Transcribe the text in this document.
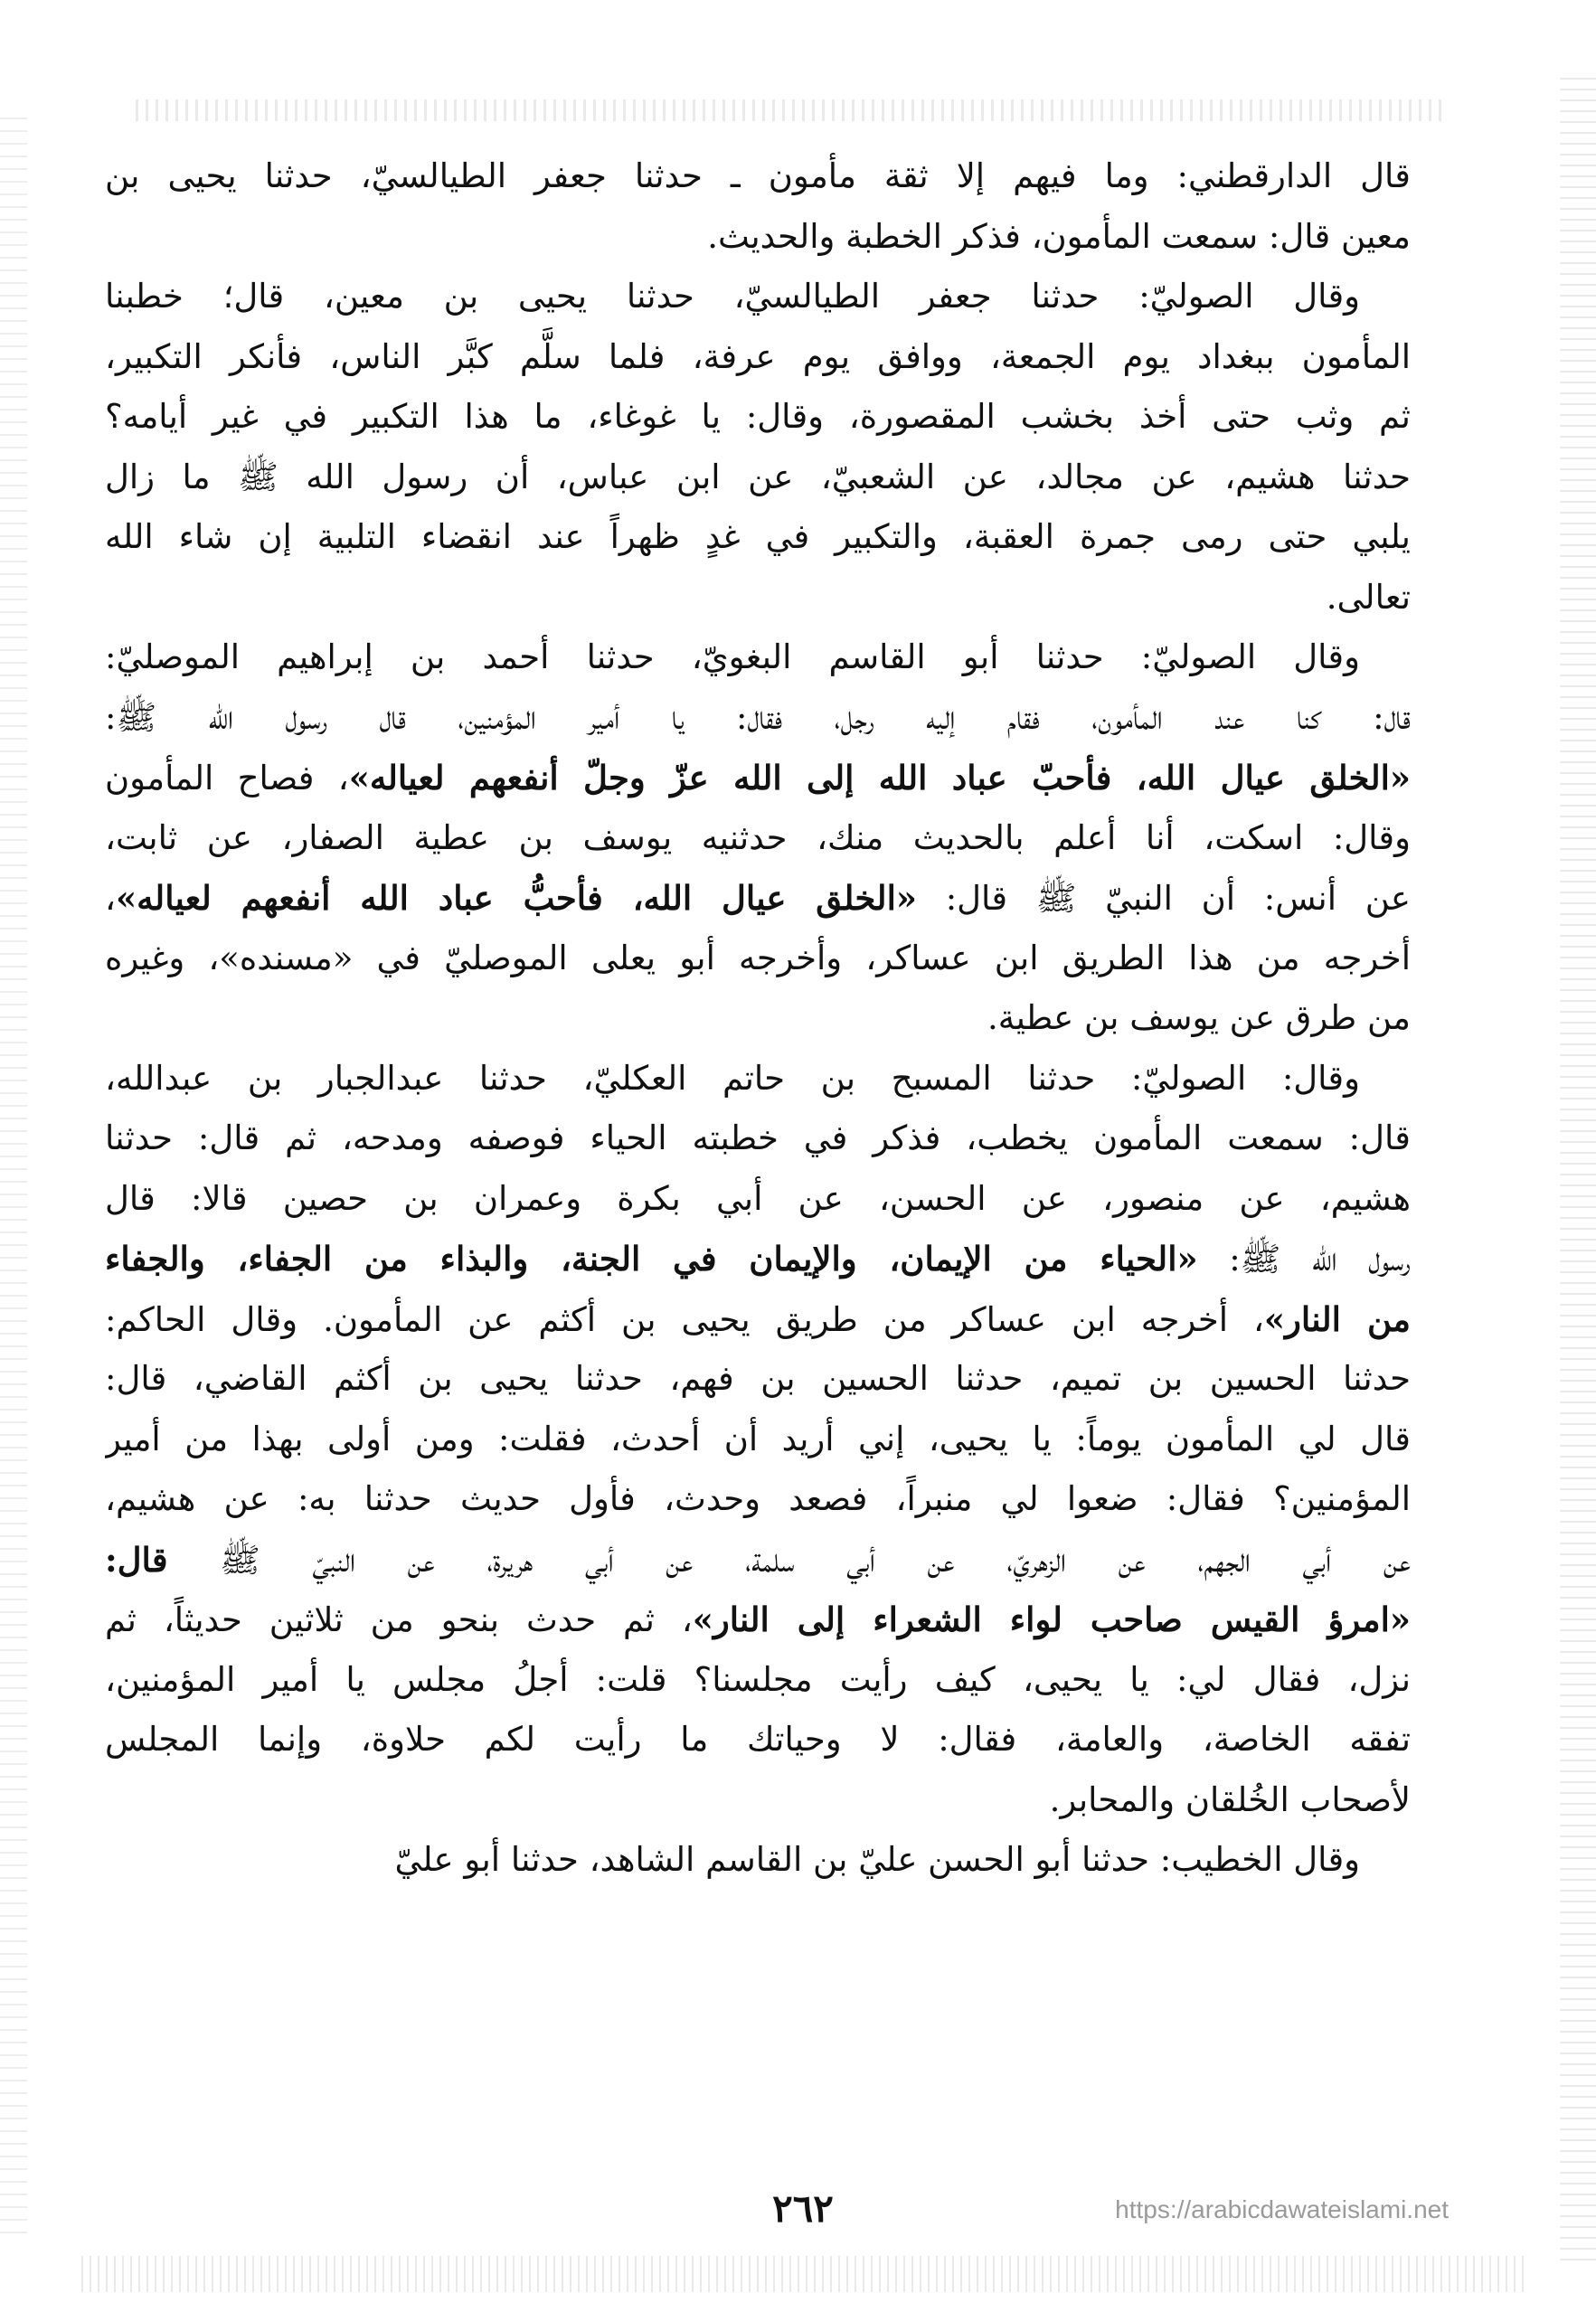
قال الدارقطني: وما فيهم إلا ثقة مأمون ـ حدثنا جعفر الطيالسيّ، حدثنا يحيى بن
معين قال: سمعت المأمون، فذكر الخطبة والحديث.
وقال الصوليّ: حدثنا جعفر الطيالسيّ، حدثنا يحيى بن معين، قال؛ خطبنا
المأمون ببغداد يوم الجمعة، ووافق يوم عرفة، فلما سلَّم كبَّر الناس، فأنكر التكبير،
ثم وثب حتى أخذ بخشب المقصورة، وقال: يا غوغاء، ما هذا التكبير في غير أيامه؟
حدثنا هشيم، عن مجالد، عن الشعبيّ، عن ابن عباس، أن رسول الله ﷺ ما زال
يلبي حتى رمى جمرة العقبة، والتكبير في غدٍ ظهراً عند انقضاء التلبية إن شاء الله
تعالى.
وقال الصوليّ: حدثنا أبو القاسم البغويّ، حدثنا أحمد بن إبراهيم الموصليّ:
قال: كنا عند المأمون، فقام إليه رجل، فقال: يا أمير المؤمنين، قال رسول الله ﷺ:
«الخلق عيال الله، فأحبّ عباد الله إلى الله عزّ وجلّ أنفعهم لعياله»، فصاح المأمون
وقال: اسكت، أنا أعلم بالحديث منك، حدثنيه يوسف بن عطية الصفار، عن ثابت،
عن أنس: أن النبيّ ﷺ قال: «الخلق عيال الله، فأحبُّ عباد الله أنفعهم لعياله»،
أخرجه من هذا الطريق ابن عساكر، وأخرجه أبو يعلى الموصليّ في «مسنده»، وغيره
من طرق عن يوسف بن عطية.
وقال: الصوليّ: حدثنا المسبح بن حاتم العكليّ، حدثنا عبدالجبار بن عبدالله،
قال: سمعت المأمون يخطب، فذكر في خطبته الحياء فوصفه ومدحه، ثم قال: حدثنا
هشيم، عن منصور، عن الحسن، عن أبي بكرة وعمران بن حصين قالا: قال
رسول الله ﷺ: «الحياء من الإيمان، والإيمان في الجنة، والبذاء من الجفاء، والجفاء
من النار»، أخرجه ابن عساكر من طريق يحيى بن أكثم عن المأمون. وقال الحاكم:
حدثنا الحسين بن تميم، حدثنا الحسين بن فهم، حدثنا يحيى بن أكثم القاضي، قال:
قال لي المأمون يوماً: يا يحيى، إني أريد أن أحدث، فقلت: ومن أولى بهذا من أمير
المؤمنين؟ فقال: ضعوا لي منبراً، فصعد وحدث، فأول حديث حدثنا به: عن هشيم،
عن أبي الجهم، عن الزهريّ، عن أبي سلمة، عن أبي هريرة، عن النبيّ ﷺ قال:
«امرؤ القيس صاحب لواء الشعراء إلى النار»، ثم حدث بنحو من ثلاثين حديثاً، ثم
نزل، فقال لي: يا يحيى، كيف رأيت مجلسنا؟ قلت: أجلُ مجلس يا أمير المؤمنين،
تفقه الخاصة، والعامة، فقال: لا وحياتك ما رأيت لكم حلاوة، وإنما المجلس
لأصحاب الخُلقان والمحابر.
وقال الخطيب: حدثنا أبو الحسن عليّ بن القاسم الشاهد، حدثنا أبو عليّ
٢٦٢	https://arabicdawateislami.net
